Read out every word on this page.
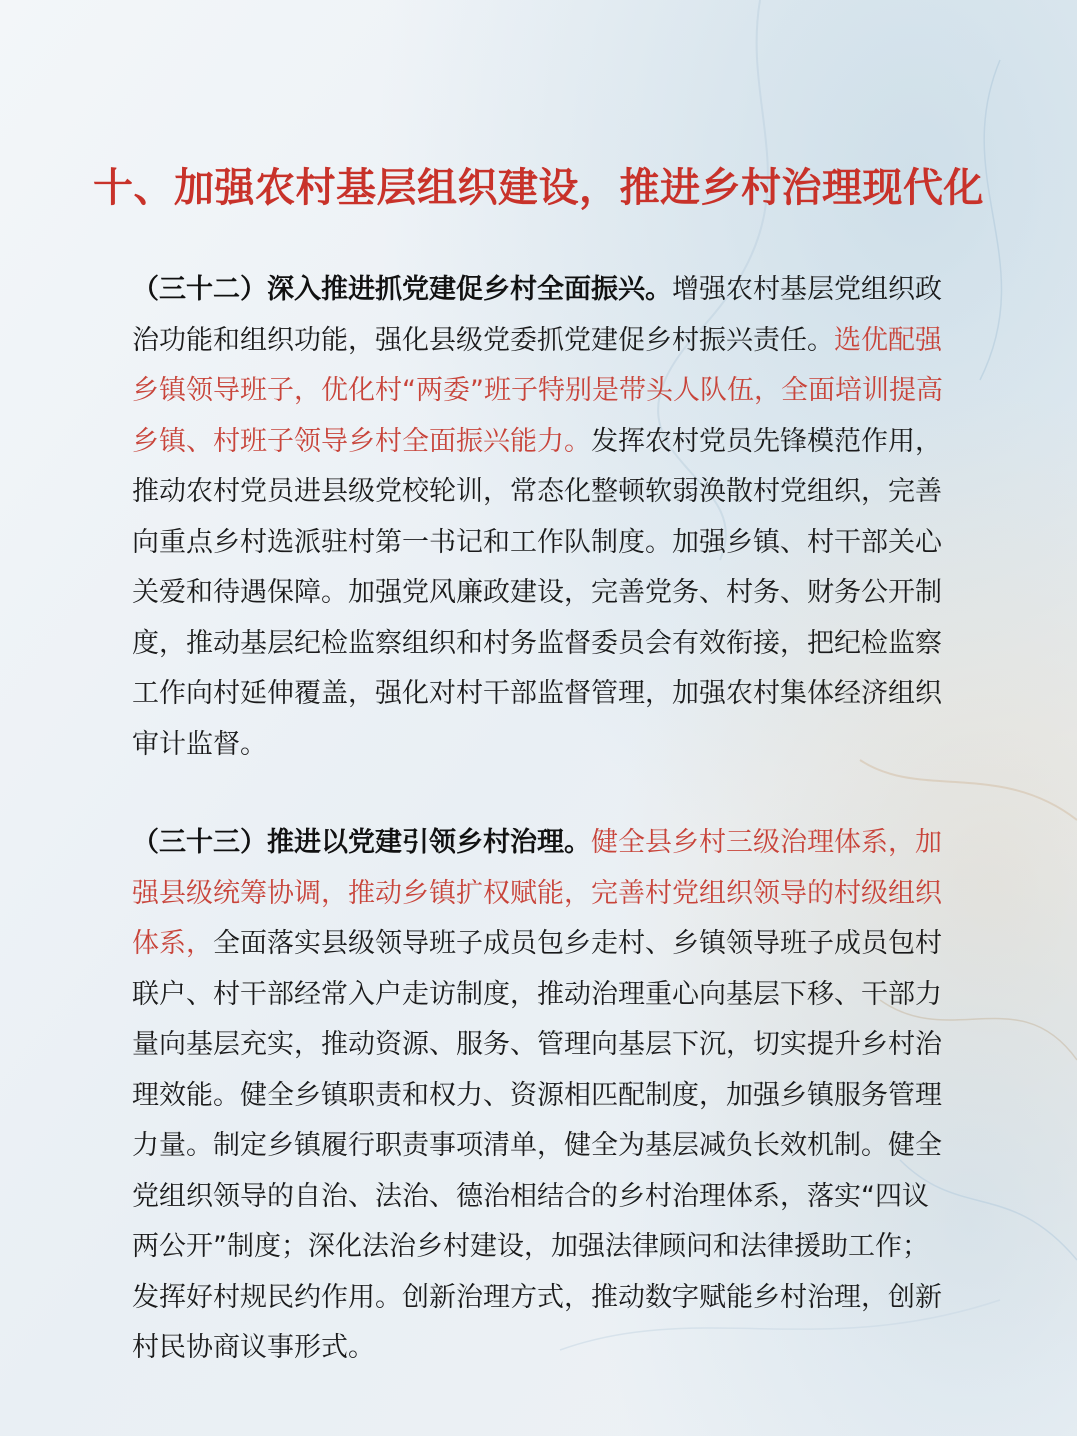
十、加强农村基层组织建设，推进乡村治理现代化

（三十二）深入推进抓党建促乡村全面振兴。增强农村基层党组织政治功能和组织功能，强化县级党委抓党建促乡村振兴责任。选优配强乡镇领导班子，优化村“两委”班子特别是带头人队伍，全面培训提高乡镇、村班子领导乡村全面振兴能力。发挥农村党员先锋模范作用，推动农村党员进县级党校轮训，常态化整顿软弱涣散村党组织，完善向重点乡村选派驻村第一书记和工作队制度。加强乡镇、村干部关心关爱和待遇保障。加强党风廉政建设，完善党务、村务、财务公开制度，推动基层纪检监察组织和村务监督委员会有效衔接，把纪检监察工作向村延伸覆盖，强化对村干部监督管理，加强农村集体经济组织审计监督。

（三十三）推进以党建引领乡村治理。健全县乡村三级治理体系，加强县级统筹协调，推动乡镇扩权赋能，完善村党组织领导的村级组织体系，全面落实县级领导班子成员包乡走村、乡镇领导班子成员包村联户、村干部经常入户走访制度，推动治理重心向基层下移、干部力量向基层充实，推动资源、服务、管理向基层下沉，切实提升乡村治理效能。健全乡镇职责和权力、资源相匹配制度，加强乡镇服务管理力量。制定乡镇履行职责事项清单，健全为基层减负长效机制。健全党组织领导的自治、法治、德治相结合的乡村治理体系，落实“四议两公开”制度；深化法治乡村建设，加强法律顾问和法律援助工作；发挥好村规民约作用。创新治理方式，推动数字赋能乡村治理，创新村民协商议事形式。
